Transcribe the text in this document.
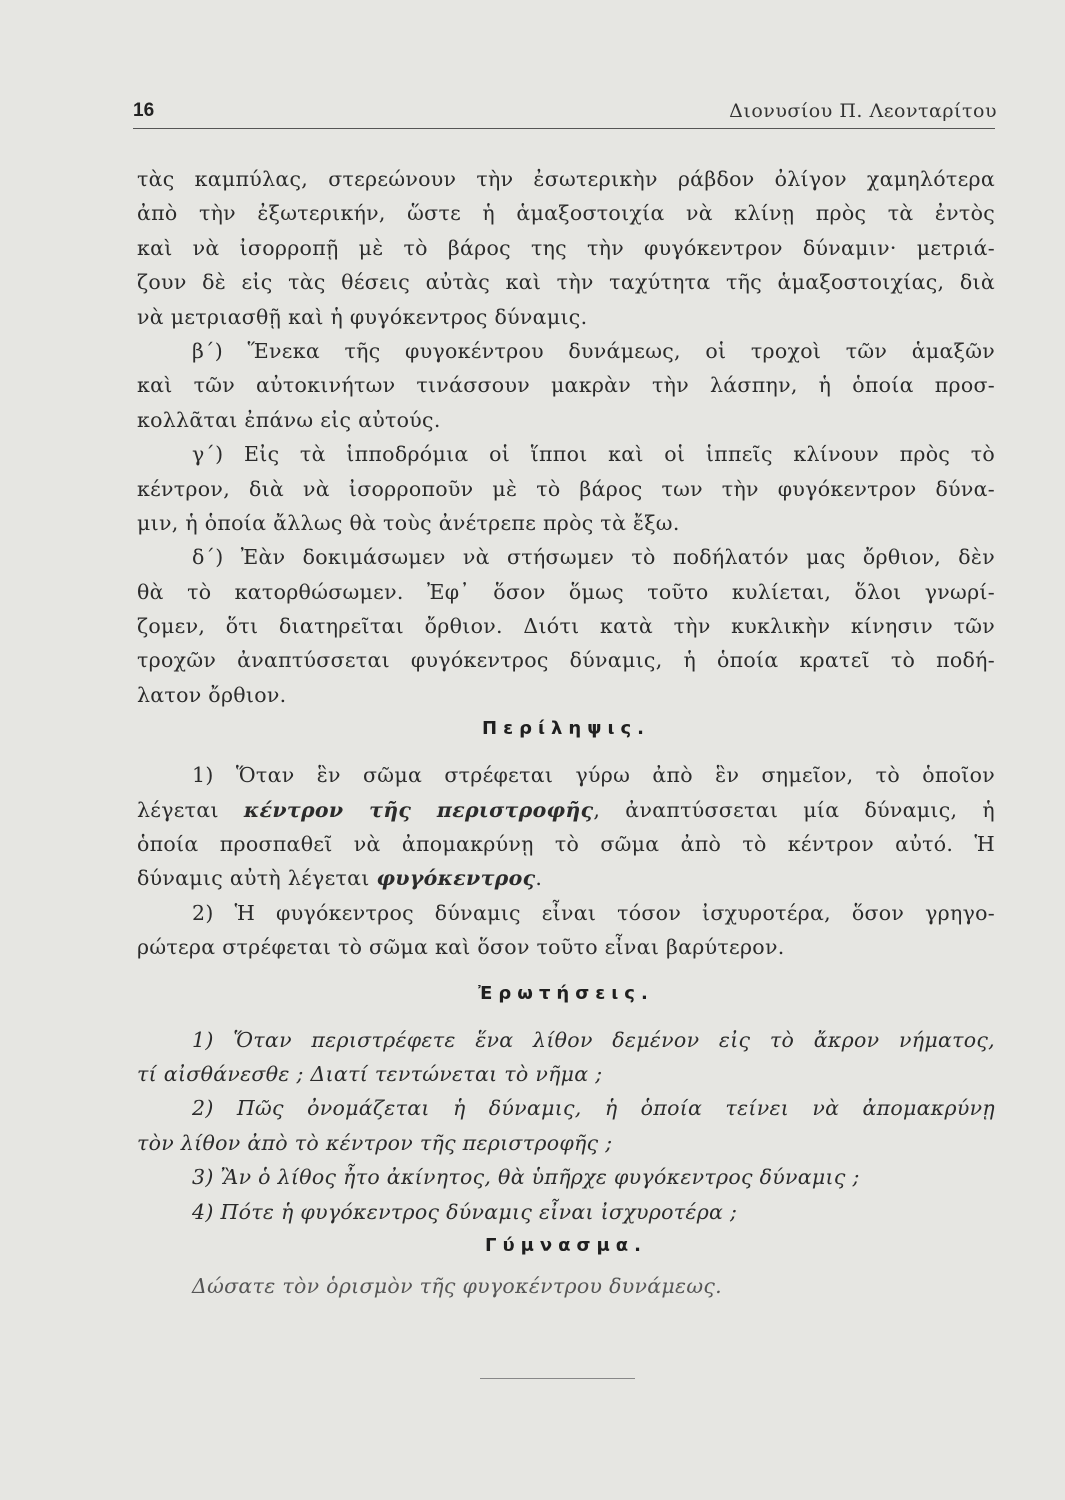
16	Διονυσίου Π. Λεονταρίτου
τὰς καμπύλας, στερεώνουν τὴν ἐσωτερικὴν ράβδον ὀλίγον χαμηλότερα
ἀπὸ τὴν ἐξωτερικήν, ὥστε ἡ ἁμαξοστοιχία νὰ κλίνῃ πρὸς τὰ ἐντὸς
καὶ νὰ ἰσορροπῇ μὲ τὸ βάρος της τὴν φυγόκεντρον δύναμιν· μετριά-
ζουν δὲ εἰς τὰς θέσεις αὐτὰς καὶ τὴν ταχύτητα τῆς ἁμαξοστοιχίας, διὰ
νὰ μετριασθῇ καὶ ἡ φυγόκεντρος δύναμις.
β΄) Ἕνεκα τῆς φυγοκέντρου δυνάμεως, οἱ τροχοὶ τῶν ἁμαξῶν
καὶ τῶν αὐτοκινήτων τινάσσουν μακρὰν τὴν λάσπην, ἡ ὁποία προσ-
κολλᾶται ἐπάνω εἰς αὐτούς.
γ΄) Εἰς τὰ ἱπποδρόμια οἱ ἵπποι καὶ οἱ ἱππεῖς κλίνουν πρὸς τὸ
κέντρον, διὰ νὰ ἰσορροποῦν μὲ τὸ βάρος των τὴν φυγόκεντρον δύνα-
μιν, ἡ ὁποία ἄλλως θὰ τοὺς ἀνέτρεπε πρὸς τὰ ἔξω.
δ΄) Ἐὰν δοκιμάσωμεν νὰ στήσωμεν τὸ ποδήλατόν μας ὄρθιον, δὲν
θὰ τὸ κατορθώσωμεν. Ἐφ᾿ ὅσον ὅμως τοῦτο κυλίεται, ὅλοι γνωρί-
ζομεν, ὅτι διατηρεῖται ὄρθιον. Διότι κατὰ τὴν κυκλικὴν κίνησιν τῶν
τροχῶν ἀναπτύσσεται φυγόκεντρος δύναμις, ἡ ὁποία κρατεῖ τὸ ποδή-
λατον ὄρθιον.
Περίληψις.
1) Ὅταν ἓν σῶμα στρέφεται γύρω ἀπὸ ἓν σημεῖον, τὸ ὁποῖον
λέγεται κέντρον τῆς περιστροφῆς, ἀναπτύσσεται μία δύναμις, ἡ
ὁποία προσπαθεῖ νὰ ἀπομακρύνῃ τὸ σῶμα ἀπὸ τὸ κέντρον αὐτό. Ἡ
δύναμις αὐτὴ λέγεται φυγόκεντρος.
2) Ἡ φυγόκεντρος δύναμις εἶναι τόσον ἰσχυροτέρα, ὅσον γρηγο-
ρώτερα στρέφεται τὸ σῶμα καὶ ὅσον τοῦτο εἶναι βαρύτερον.
Ἐρωτήσεις.
1) Ὅταν περιστρέφετε ἕνα λίθον δεμένον εἰς τὸ ἄκρον νήματος,
τί αἰσθάνεσθε ; Διατί τεντώνεται τὸ νῆμα ;
2) Πῶς ὀνομάζεται ἡ δύναμις, ἡ ὁποία τείνει νὰ ἀπομακρύνῃ
τὸν λίθον ἀπὸ τὸ κέντρον τῆς περιστροφῆς ;
3) Ἂν ὁ λίθος ἦτο ἀκίνητος, θὰ ὑπῆρχε φυγόκεντρος δύναμις ;
4) Πότε ἡ φυγόκεντρος δύναμις εἶναι ἰσχυροτέρα ;
Γύμνασμα.
Δώσατε τὸν ὁρισμὸν τῆς φυγοκέντρου δυνάμεως.
